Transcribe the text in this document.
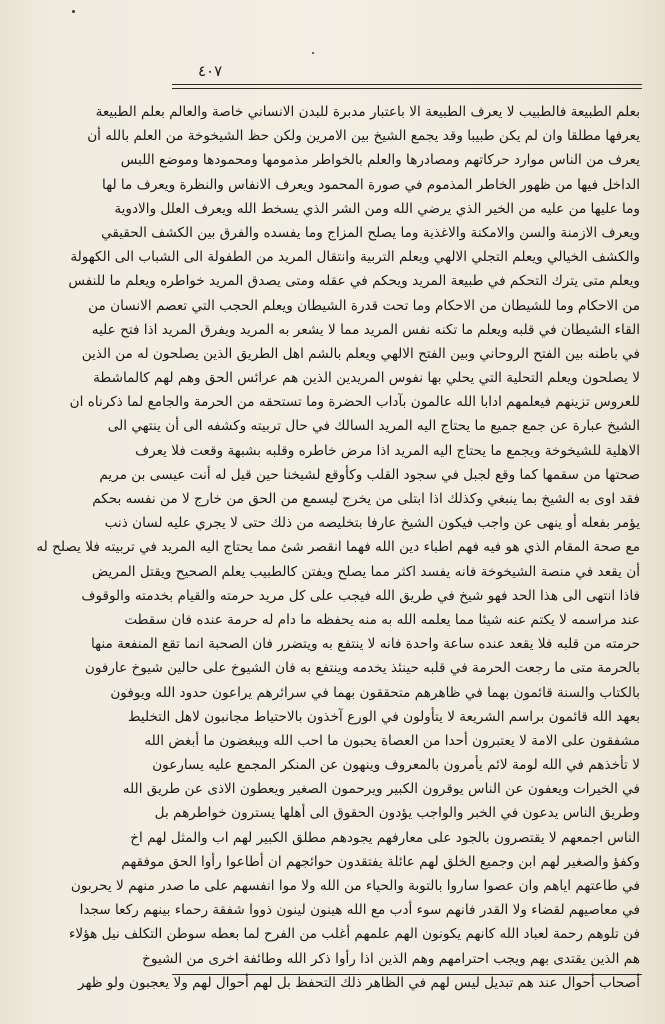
٤٠٧
بعلم الطبيعة فالطبيب لا يعرف الطبيعة الا باعتبار مدبرة للبدن الانساني خاصة والعالم بعلم الطبيعة
يعرفها مطلقا وان لم يكن طبيبا وقد يجمع الشيخ بين الامرين ولكن حظ الشيخوخة من العلم بالله أن
يعرف من الناس موارد حركاتهم ومصادرها والعلم بالخواطر مذمومها ومحمودها وموضع اللبس
الداخل فيها من ظهور الخاطر المذموم في صورة المحمود ويعرف الانفاس والنظرة ويعرف ما لها
وما عليها من عليه من الخير الذي يرضي الله ومن الشر الذي يسخط الله ويعرف العلل والادوية
ويعرف الازمنة والسن والامكنة والاغذية وما يصلح المزاج وما يفسده والفرق بين الكشف الحقيقي
والكشف الخيالي ويعلم التجلي الالهي ويعلم التربية وانتقال المريد من الطفولة الى الشباب الى الكهولة
ويعلم متى يترك التحكم في طبيعة المريد ويحكم في عقله ومتى يصدق المريد خواطره ويعلم ما للنفس
من الاحكام وما للشيطان من الاحكام وما تحت قدرة الشيطان ويعلم الحجب التي تعصم الانسان من
القاء الشيطان في قلبه ويعلم ما تكنه نفس المريد مما لا يشعر به المريد ويفرق المريد اذا فتح عليه
في باطنه بين الفتح الروحاني وبين الفتح الالهي ويعلم بالشم اهل الطريق الذين يصلحون له من الذين
لا يصلحون ويعلم التحلية التي يحلي بها نفوس المريدين الذين هم عرائس الحق وهم لهم كالماشطة
للعروس تزينهم فيعلمهم ادابا الله عالمون بآداب الحضرة وما تستحقه من الحرمة والجامع لما ذكرناه ان
الشيخ عبارة عن جمع جميع ما يحتاج اليه المريد السالك في حال تربيته وكشفه الى أن ينتهي الى
الاهلية للشيخوخة ويجمع ما يحتاج اليه المريد اذا مرض خاطره وقلبه بشبهة وقعت فلا يعرف
صحتها من سقمها كما وقع لجبل في سجود القلب وكأوقع لشيخنا حين قيل له أنت عيسى بن مريم
فقد اوى به الشيخ بما ينبغي وكذلك اذا ابتلى من يخرج ليسمع من الحق من خارج لا من نفسه بحكم
يؤمر بفعله أو ينهى عن واجب فيكون الشيخ عارفا بتخليصه من ذلك حتى لا يجري عليه لسان ذنب
مع صحة المقام الذي هو فيه فهم اطباء دين الله فهما انقصر شئ مما يحتاج اليه المريد في تربيته فلا يصلح له
أن يقعد في منصة الشيخوخة فانه يفسد اكثر مما يصلح ويفتن كالطبيب يعلم الصحيح ويقتل المريض
فاذا انتهى الى هذا الحد فهو شيخ في طريق الله فيجب على كل مريد حرمته والقيام بخدمته والوقوف
عند مراسمه لا يكتم عنه شيئا مما يعلمه الله به منه يحفظه ما دام له حرمة عنده فان سقطت
حرمته من قلبه فلا يقعد عنده ساعة واحدة فانه لا ينتفع به ويتضرر فان الصحبة انما تقع المنفعة منها
بالحرمة متى ما رجعت الحرمة في قلبه حينئذ يخدمه وينتفع به فان الشيوخ على حالين شيوخ عارفون
بالكتاب والسنة قائمون بهما في ظاهرهم متحققون بهما في سرائرهم يراعون حدود الله ويوفون
بعهد الله قائمون براسم الشريعة لا يتأولون في الورع آخذون بالاحتياط مجانبون لاهل التخليط
مشفقون على الامة لا يعتبرون أحدا من العصاة يحبون ما احب الله ويبغضون ما أبغض الله
لا تأخذهم في الله لومة لائم يأمرون بالمعروف وينهون عن المنكر المجمع عليه يسارعون
في الخيرات ويعفون عن الناس يوقرون الكبير ويرحمون الصغير ويعطون الاذى عن طريق الله
وطريق الناس يدعون في الخبر والواجب يؤدون الحقوق الى أهلها يسترون خواطرهم بل
الناس اجمعهم لا يقتصرون بالجود على معارفهم يجودهم مطلق الكبير لهم اب والمثل لهم اخ
وكفؤ والصغير لهم ابن وجميع الخلق لهم عائلة يفتقدون حوائجهم ان أطاعوا رأوا الحق موفقهم
في طاعتهم اياهم وان عصوا ساروا بالتوبة والحياء من الله ولا موا انفسهم على ما صدر منهم لا يحربون
في معاصيهم لقضاء ولا القدر فانهم سوء أدب مع الله هينون لينون ذووا شفقة رحماء بينهم ركعا سجدا
فن تلوهم رحمة لعباد الله كانهم يكونون الهم علمهم أغلب من الفرح لما بعطه سوطن التكلف نيل هؤلاء
هم الذين يقتدى بهم ويجب احترامهم وهم الذين اذا رأوا ذكر الله وطائفة اخرى من الشيوخ
أصحاب أحوال عند هم تبديل ليس لهم في الظاهر ذلك التحفظ بل لهم أحوال لهم ولا يعجبون ولو ظهر
